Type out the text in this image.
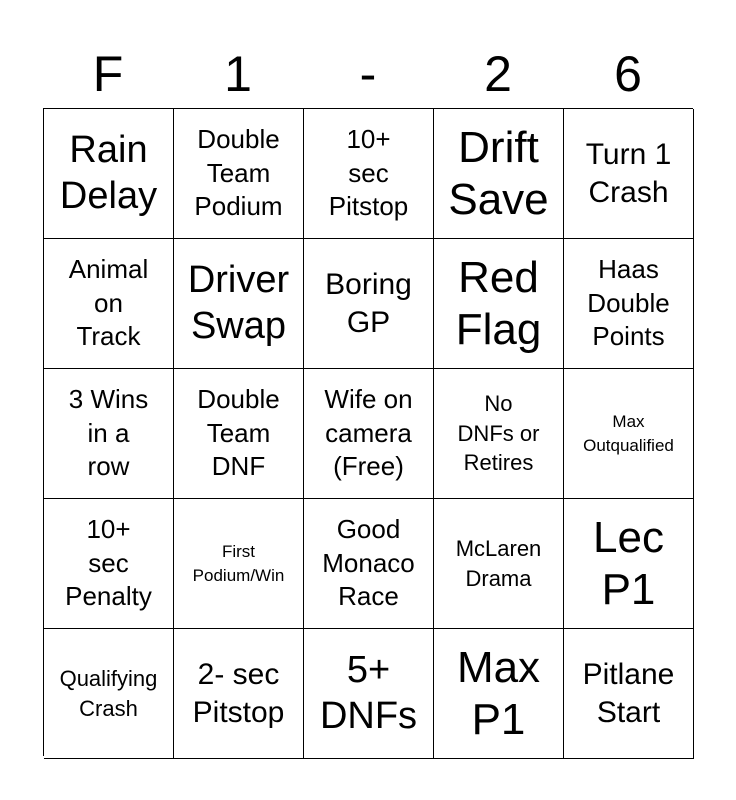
F	1	-	2	6
Rain
Delay
Double
Team
Podium
10+
sec
Pitstop
Drift
Save
Turn 1
Crash
Animal
on
Track
Driver
Swap
Boring
GP
Red
Flag
Haas
Double
Points
3 Wins
in a
row
Double
Team
DNF
Wife on
camera
(Free)
No
DNFs or
Retires
Max
Outqualified
10+
sec
Penalty
First
Podium/Win
Good
Monaco
Race
McLaren
Drama
Lec
P1
Qualifying
Crash
2- sec
Pitstop
5+
DNFs
Max
P1
Pitlane
Start
